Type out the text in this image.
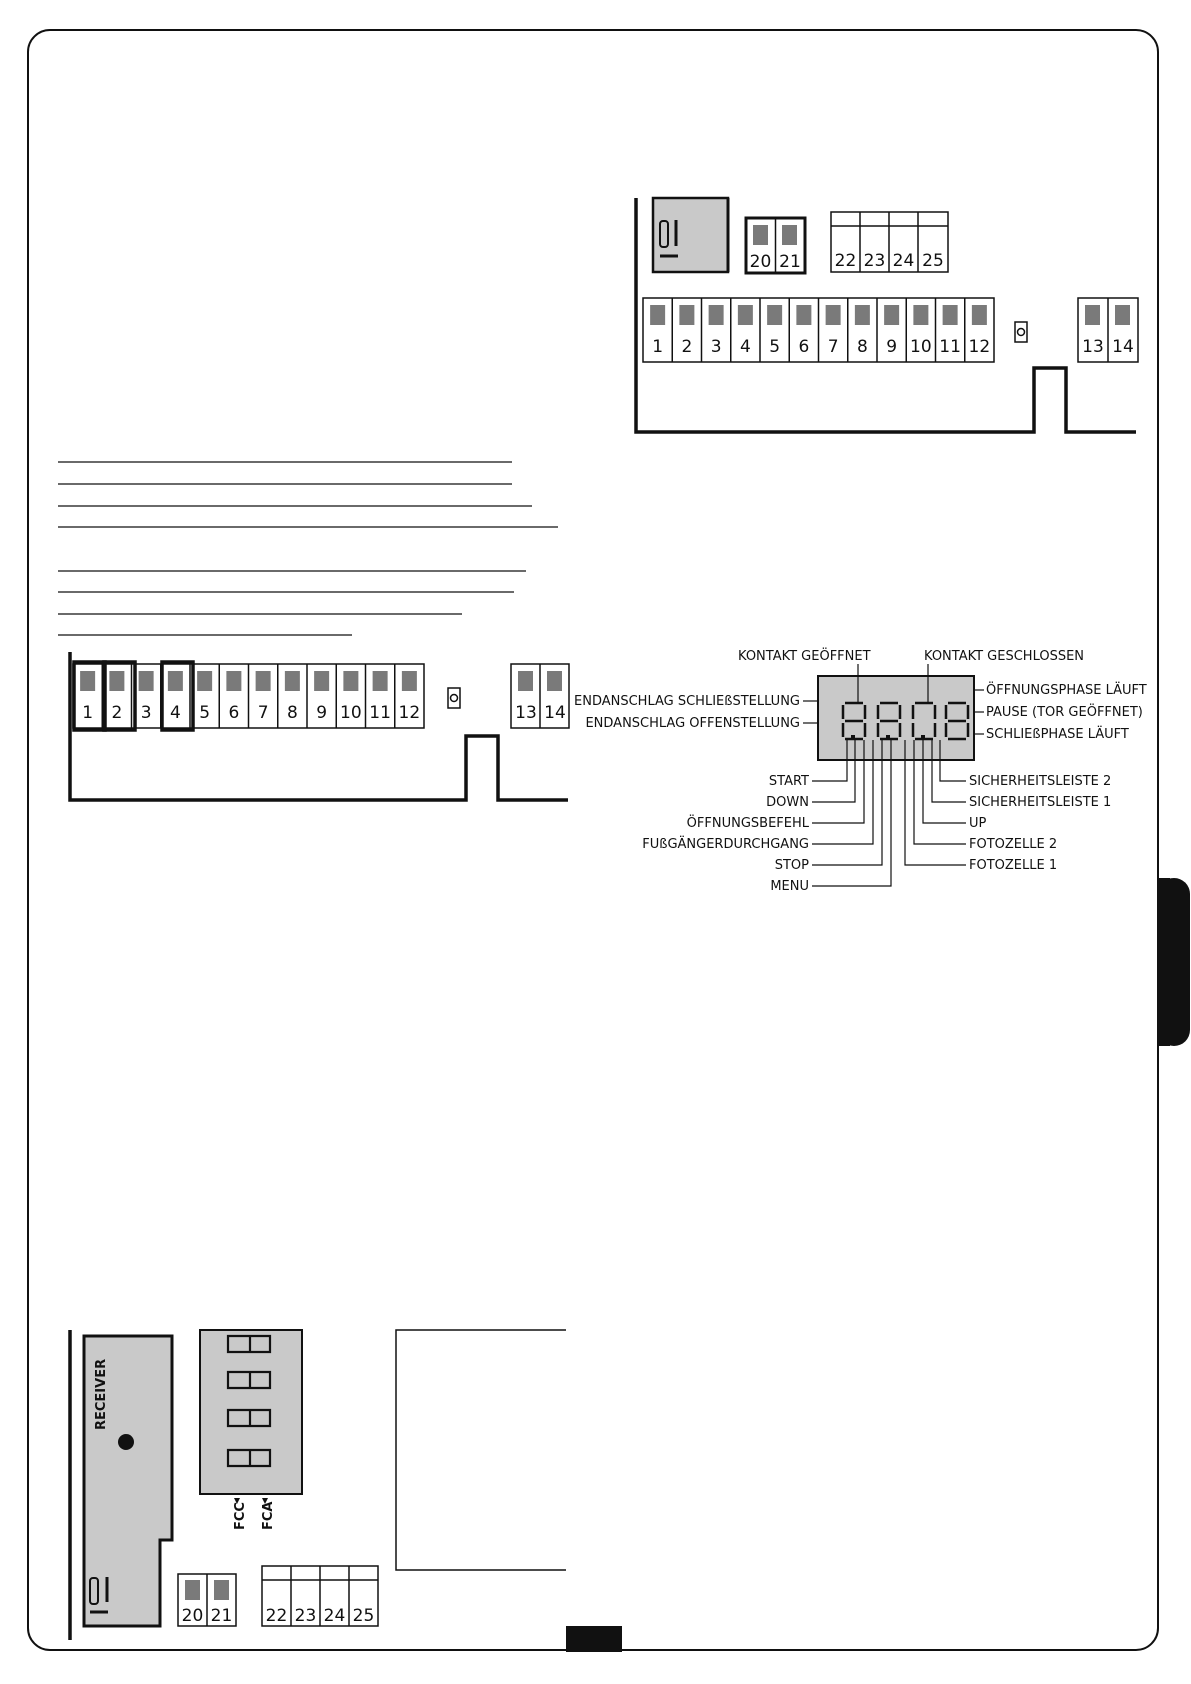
20 21 22 23 24 25
1 2 3 4 5 6 7 8 9 10 11 12	13 14
1 2 3 4 5 6 7 8 9 10 11 12	13 14
KONTAKT GEÖFFNET	KONTAKT GESCHLOSSEN
ENDANSCHLAG SCHLIEßSTELLUNG
ENDANSCHLAG OFFENSTELLUNG
ÖFFNUNGSPHASE LÄUFT
PAUSE (TOR GEÖFFNET)
SCHLIEßPHASE LÄUFT
START
DOWN
ÖFFNUNGSBEFEHL
FUßGÄNGERDURCHGANG
STOP
MENU
SICHERHEITSLEISTE 2
SICHERHEITSLEISTE 1
UP
FOTOZELLE 2
FOTOZELLE 1
RECEIVER
FCC FCA
20 21 22 23 24 25
